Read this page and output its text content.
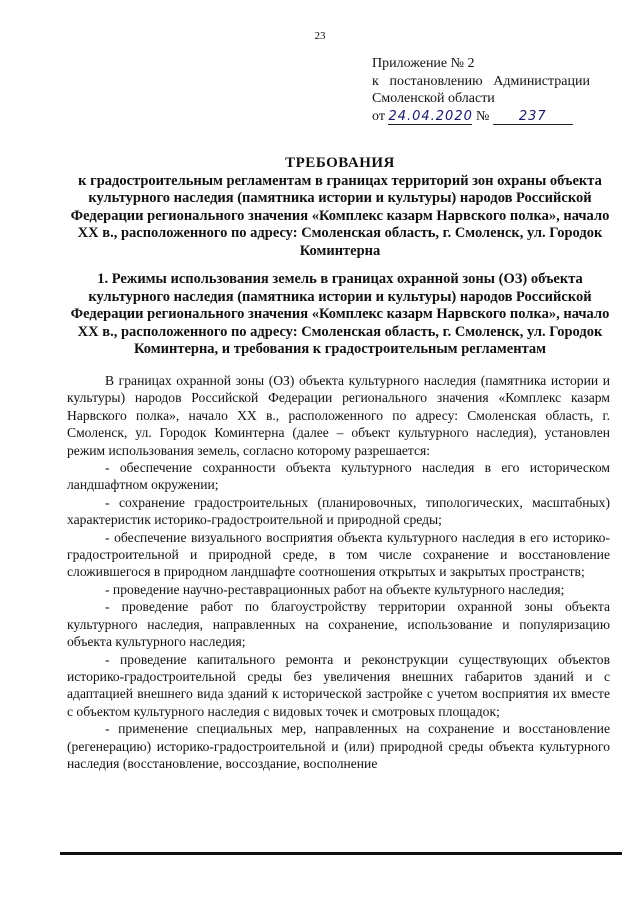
23
Приложение № 2
к постановлению Администрации
Смоленской области
от 24.04.2020 № 237
ТРЕБОВАНИЯ
к градостроительным регламентам в границах территорий зон охраны объекта культурного наследия (памятника истории и культуры) народов Российской Федерации регионального значения «Комплекс казарм Нарвского полка», начало XX в., расположенного по адресу: Смоленская область, г. Смоленск, ул. Городок Коминтерна
1. Режимы использования земель в границах охранной зоны (ОЗ) объекта культурного наследия (памятника истории и культуры) народов Российской Федерации регионального значения «Комплекс казарм Нарвского полка», начало XX в., расположенного по адресу: Смоленская область, г. Смоленск, ул. Городок Коминтерна, и требования к градостроительным регламентам

В границах охранной зоны (ОЗ) объекта культурного наследия (памятника истории и культуры) народов Российской Федерации регионального значения «Комплекс казарм Нарвского полка», начало XX в., расположенного по адресу: Смоленская область, г. Смоленск, ул. Городок Коминтерна (далее – объект культурного наследия), установлен режим использования земель, согласно которому разрешается:

- обеспечение сохранности объекта культурного наследия в его историческом ландшафтном окружении;

- сохранение градостроительных (планировочных, типологических, масштабных) характеристик историко-градостроительной и природной среды;

- обеспечение визуального восприятия объекта культурного наследия в его историко-градостроительной и природной среде, в том числе сохранение и восстановление сложившегося в природном ландшафте соотношения открытых и закрытых пространств;

- проведение научно-реставрационных работ на объекте культурного наследия;

- проведение работ по благоустройству территории охранной зоны объекта культурного наследия, направленных на сохранение, использование и популяризацию объекта культурного наследия;

- проведение капитального ремонта и реконструкции существующих объектов историко-градостроительной среды без увеличения внешних габаритов зданий и с адаптацией внешнего вида зданий к исторической застройке с учетом восприятия их вместе с объектом культурного наследия с видовых точек и смотровых площадок;

- применение специальных мер, направленных на сохранение и восстановление (регенерацию) историко-градостроительной и (или) природной среды объекта культурного наследия (восстановление, воссоздание, восполнение
